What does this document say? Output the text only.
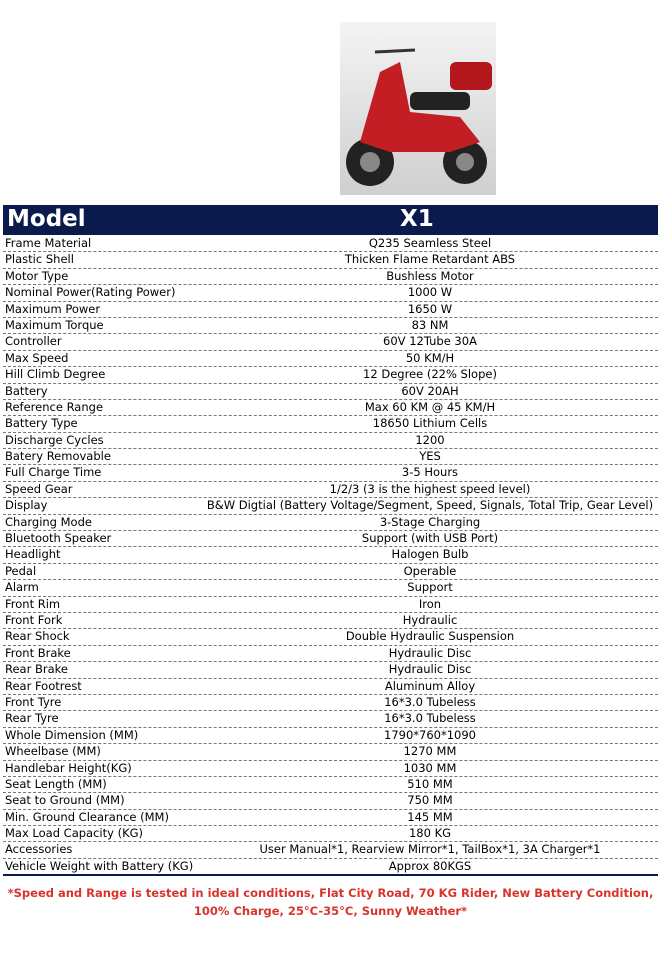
Model	X1
Frame Material	Q235 Seamless Steel
Plastic Shell	Thicken Flame Retardant ABS
Motor Type	Bushless Motor
Nominal Power(Rating Power)	1000 W
Maximum Power	1650 W
Maximum Torque	83 NM
Controller	60V 12Tube 30A
Max Speed	50 KM/H
Hill Climb Degree	12 Degree (22% Slope)
Battery	60V 20AH
Reference Range	Max 60 KM @ 45 KM/H
Battery Type	18650 Lithium Cells
Discharge Cycles	1200
Batery Removable	YES
Full Charge Time	3-5 Hours
Speed Gear	1/2/3 (3 is the highest speed level)
Display	B&W Digtial (Battery Voltage/Segment, Speed, Signals, Total Trip, Gear Level)
Charging Mode	3-Stage Charging
Bluetooth Speaker	Support (with USB Port)
Headlight	Halogen Bulb
Pedal	Operable
Alarm	Support
Front Rim	Iron
Front Fork	Hydraulic
Rear Shock	Double Hydraulic Suspension
Front Brake	Hydraulic Disc
Rear Brake	Hydraulic Disc
Rear Footrest	Aluminum Alloy
Front Tyre	16*3.0 Tubeless
Rear Tyre	16*3.0 Tubeless
Whole Dimension (MM)	1790*760*1090
Wheelbase (MM)	1270 MM
Handlebar Height(KG)	1030 MM
Seat Length (MM)	510 MM
Seat to Ground (MM)	750 MM
Min. Ground Clearance (MM)	145 MM
Max Load Capacity (KG)	180 KG
Accessories	User Manual*1, Rearview Mirror*1, TailBox*1, 3A Charger*1
Vehicle Weight with Battery (KG)	Approx 80KGS
*Speed and Range is tested in ideal conditions, Flat City Road, 70 KG Rider, New Battery Condition, 100% Charge, 25°C-35°C, Sunny Weather*
